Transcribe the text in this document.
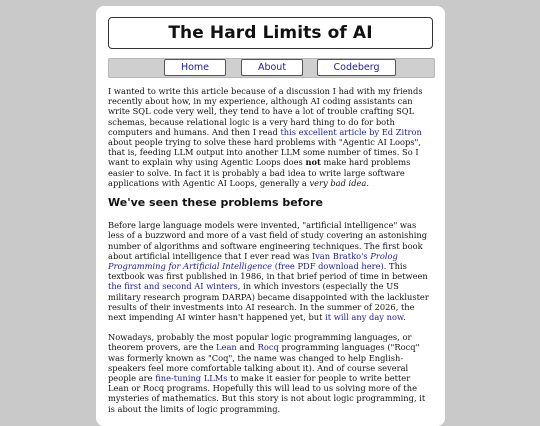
The Hard Limits of AI
Home	About	Codeberg

I wanted to write this article because of a discussion I had with my friends recently about how, in my experience, although AI coding assistants can write SQL code very well, they tend to have a lot of trouble crafting SQL schemas, because relational logic is a very hard thing to do for both computers and humans. And then I read this excellent article by Ed Zitron about people trying to solve these hard problems with "Agentic AI Loops", that is, feeding LLM output into another LLM some number of times. So I want to explain why using Agentic Loops does not make hard problems easier to solve. In fact it is probably a bad idea to write large software applications with Agentic AI Loops, generally a very bad idea.

We've seen these problems before

Before large language models were invented, "artificial intelligence" was less of a buzzword and more of a vast field of study covering an astonishing number of algorithms and software engineering techniques. The first book about artificial intelligence that I ever read was Ivan Bratko's Prolog Programming for Artificial Intelligence (free PDF download here). This textbook was first published in 1986, in that brief period of time in between the first and second AI winters, in which investors (especially the US military research program DARPA) became disappointed with the lackluster results of their investments into AI research. In the summer of 2026, the next impending AI winter hasn't happened yet, but it will any day now.

Nowadays, probably the most popular logic programming languages, or theorem provers, are the Lean and Rocq programming languages ("Rocq" was formerly known as "Coq", the name was changed to help English-speakers feel more comfortable talking about it). And of course several people are fine-tuning LLMs to make it easier for people to write better Lean or Rocq programs. Hopefully this will lead to us solving more of the mysteries of mathematics. But this story is not about logic programming, it is about the limits of logic programming.
